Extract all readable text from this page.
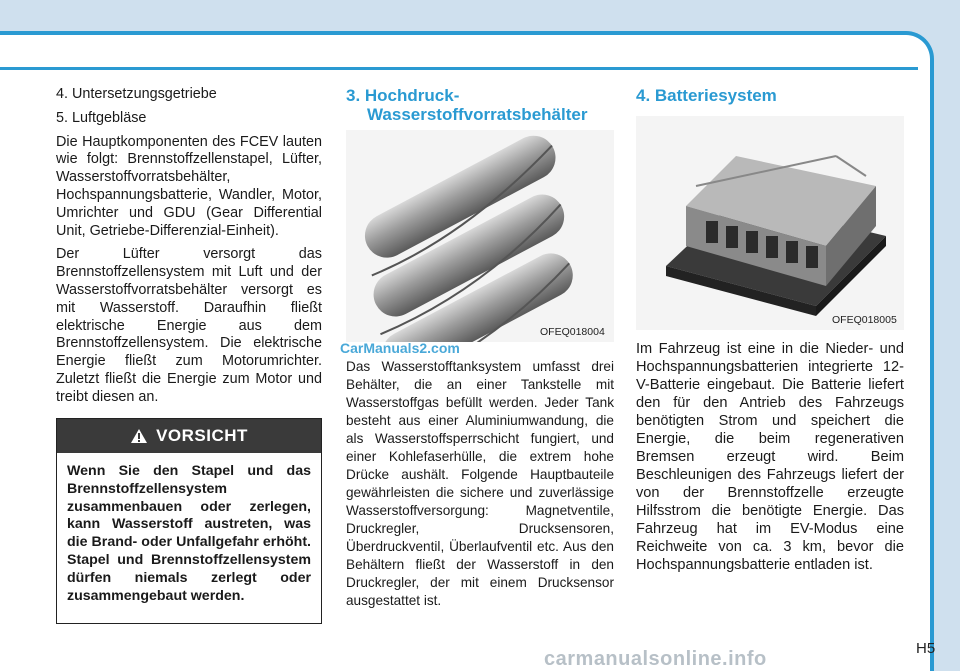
4. Untersetzungsgetriebe
5. Luftgebläse

Die Hauptkomponenten des FCEV lauten wie folgt: Brennstoffzellenstapel, Lüfter, Wasserstoffvorratsbehälter, Hochspannungsbatterie, Wandler, Motor, Umrichter und GDU (Gear Differential Unit, Getriebe-Differenzial-Einheit).

Der Lüfter versorgt das Brennstoffzellensystem mit Luft und der Wasserstoffvorratsbehälter versorgt es mit Wasserstoff. Daraufhin fließt elektrische Energie aus dem Brennstoffzellensystem. Die elektrische Energie fließt zum Motorumrichter. Zuletzt fließt die Energie zum Motor und treibt diesen an.

VORSICHT
Wenn Sie den Stapel und das Brennstoffzellensystem zusammenbauen oder zerlegen, kann Wasserstoff austreten, was die Brand- oder Unfallgefahr erhöht. Stapel und Brennstoffzellensystem dürfen niemals zerlegt oder zusammengebaut werden.
3. Hochdruck-
Wasserstoffvorratsbehälter
OFEQ018004
CarManuals2.com

Das Wasserstofftanksystem umfasst drei Behälter, die an einer Tankstelle mit Wasserstoffgas befüllt werden. Jeder Tank besteht aus einer Aluminiumwandung, die als Wasserstoffsperrschicht fungiert, und einer Kohlefaserhülle, die extrem hohe Drücke aushält. Folgende Hauptbauteile gewährleisten die sichere und zuverlässige Wasserstoffversorgung: Magnetventile, Druckregler, Drucksensoren, Überdruckventil, Überlaufventil etc. Aus den Behältern fließt der Wasserstoff in den Druckregler, der mit einem Drucksensor ausgestattet ist.

4. Batteriesystem
OFEQ018005

Im Fahrzeug ist eine in die Nieder- und Hochspannungsbatterien integrierte 12-V-Batterie eingebaut. Die Batterie liefert den für den Antrieb des Fahrzeugs benötigten Strom und speichert die Energie, die beim regenerativen Bremsen erzeugt wird. Beim Beschleunigen des Fahrzeugs liefert der von der Brennstoffzelle erzeugte Hilfsstrom die benötigte Energie. Das Fahrzeug hat im EV-Modus eine Reichweite von ca. 3 km, bevor die Hochspannungsbatterie entladen ist.

H5
carmanualsonline.info
